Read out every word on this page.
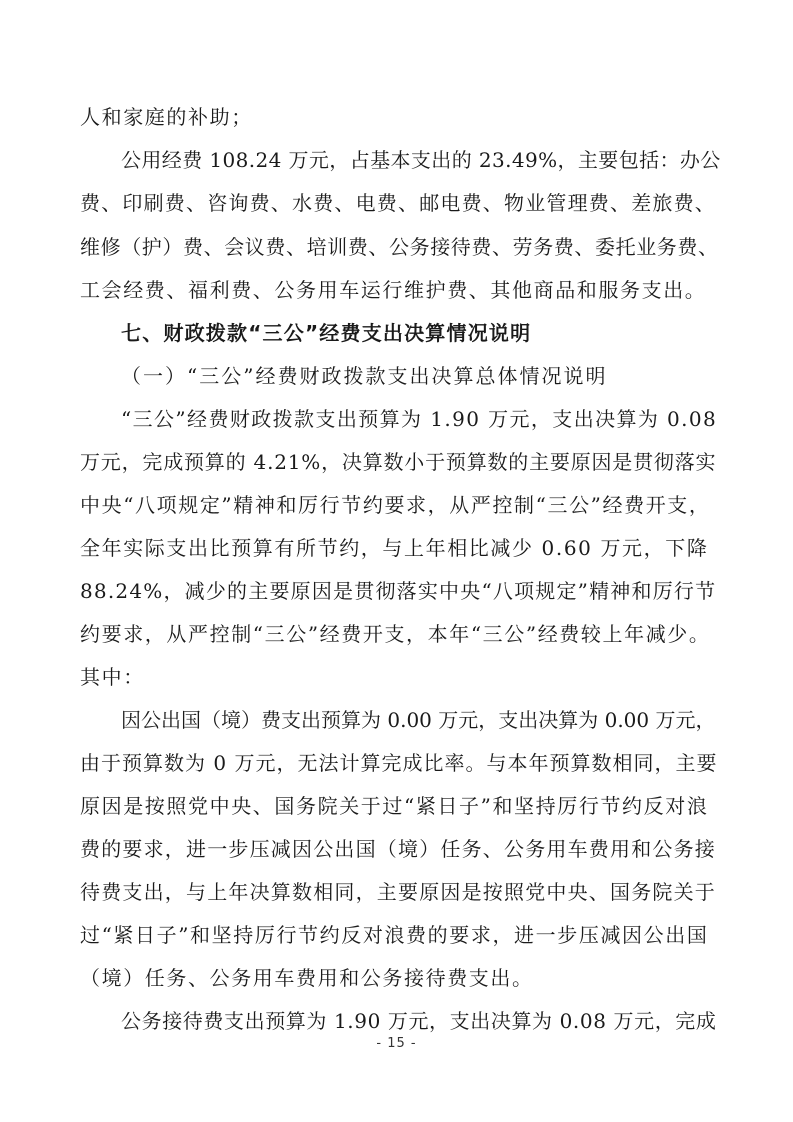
人和家庭的补助；
公用经费 108.24 万元，占基本支出的 23.49%，主要包括：办公
费、印刷费、咨询费、水费、电费、邮电费、物业管理费、差旅费、
维修（护）费、会议费、培训费、公务接待费、劳务费、委托业务费、
工会经费、福利费、公务用车运行维护费、其他商品和服务支出。
七、财政拨款“三公”经费支出决算情况说明
（一）“三公”经费财政拨款支出决算总体情况说明
“三公”经费财政拨款支出预算为 1.90 万元，支出决算为 0.08
万元，完成预算的 4.21%，决算数小于预算数的主要原因是贯彻落实
中央“八项规定”精神和厉行节约要求，从严控制“三公”经费开支，
全年实际支出比预算有所节约，与上年相比减少 0.60 万元，下降
88.24%，减少的主要原因是贯彻落实中央“八项规定”精神和厉行节
约要求，从严控制“三公”经费开支，本年“三公”经费较上年减少。
其中：
因公出国（境）费支出预算为 0.00 万元，支出决算为 0.00 万元，
由于预算数为 0 万元，无法计算完成比率。与本年预算数相同，主要
原因是按照党中央、国务院关于过“紧日子”和坚持厉行节约反对浪
费的要求，进一步压减因公出国（境）任务、公务用车费用和公务接
待费支出，与上年决算数相同，主要原因是按照党中央、国务院关于
过“紧日子”和坚持厉行节约反对浪费的要求，进一步压减因公出国
（境）任务、公务用车费用和公务接待费支出。
公务接待费支出预算为 1.90 万元，支出决算为 0.08 万元，完成
- 15 -
